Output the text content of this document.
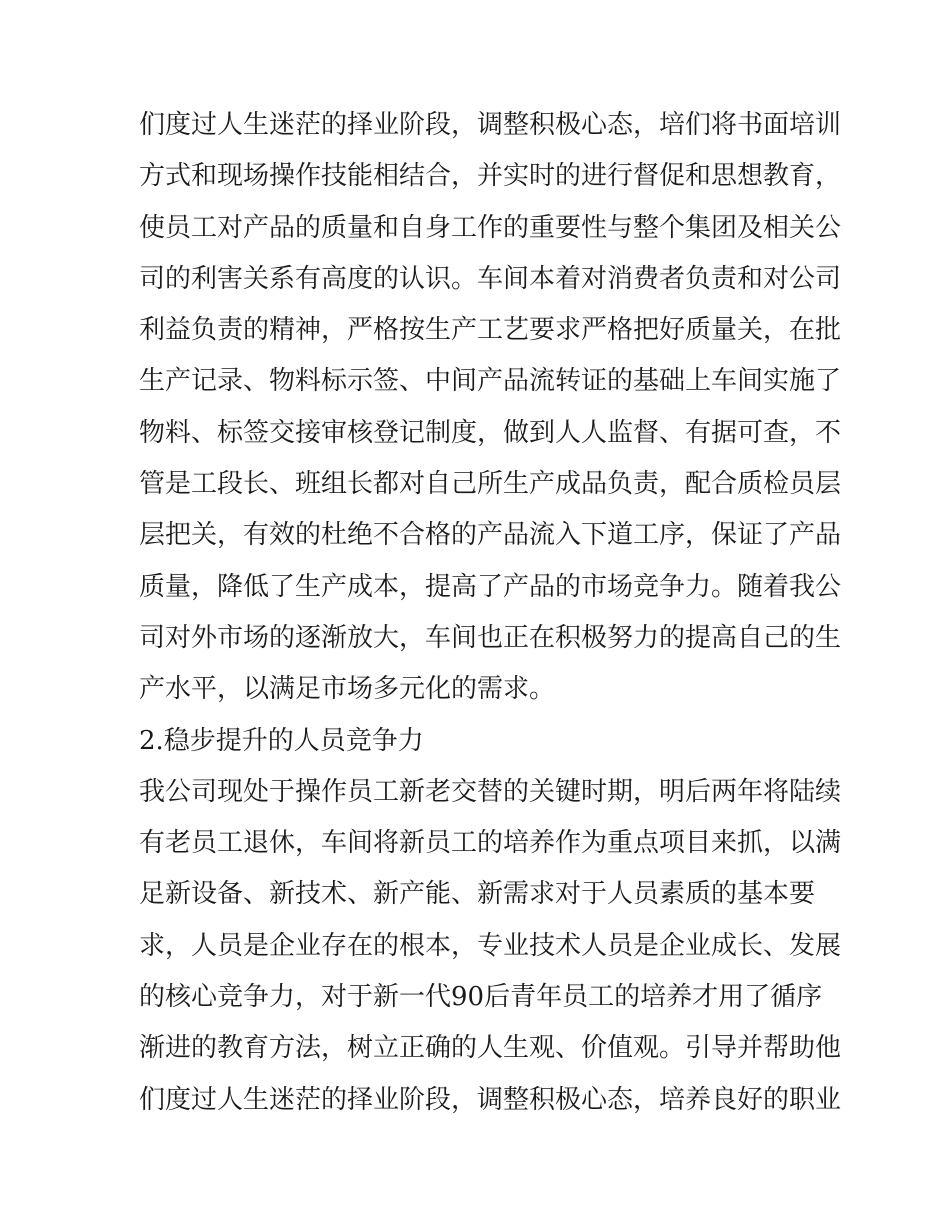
们度过人生迷茫的择业阶段，调整积极心态，培们将书面培训
方式和现场操作技能相结合，并实时的进行督促和思想教育，
使员工对产品的质量和自身工作的重要性与整个集团及相关公
司的利害关系有高度的认识。车间本着对消费者负责和对公司
利益负责的精神，严格按生产工艺要求严格把好质量关，在批
生产记录、物料标示签、中间产品流转证的基础上车间实施了
物料、标签交接审核登记制度，做到人人监督、有据可查，不
管是工段长、班组长都对自己所生产成品负责，配合质检员层
层把关，有效的杜绝不合格的产品流入下道工序，保证了产品
质量，降低了生产成本，提高了产品的市场竞争力。随着我公
司对外市场的逐渐放大，车间也正在积极努力的提高自己的生
产水平，以满足市场多元化的需求。
2.稳步提升的人员竞争力
我公司现处于操作员工新老交替的关键时期，明后两年将陆续
有老员工退休，车间将新员工的培养作为重点项目来抓，以满
足新设备、新技术、新产能、新需求对于人员素质的基本要
求，人员是企业存在的根本，专业技术人员是企业成长、发展
的核心竞争力，对于新一代90后青年员工的培养才用了循序
渐进的教育方法，树立正确的人生观、价值观。引导并帮助他
们度过人生迷茫的择业阶段，调整积极心态，培养良好的职业
